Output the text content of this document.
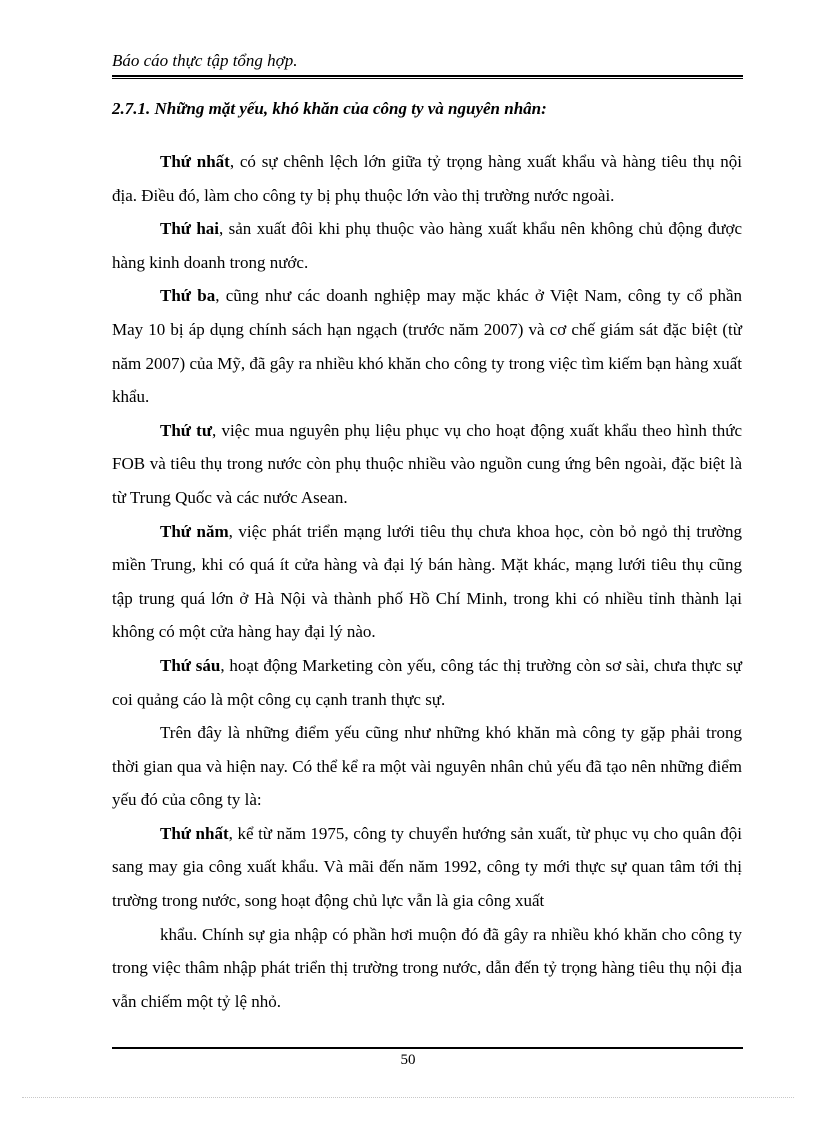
Báo cáo thực tập tổng hợp.
2.7.1. Những mặt yếu, khó khăn của công ty và nguyên nhân:

Thứ nhất, có sự chênh lệch lớn giữa tỷ trọng hàng xuất khẩu và hàng tiêu thụ nội địa. Điều đó, làm cho công ty bị phụ thuộc lớn vào thị trường nước ngoài.

Thứ hai, sản xuất đôi khi phụ thuộc vào hàng xuất khẩu nên không chủ động được hàng kinh doanh trong nước.

Thứ ba, cũng như các doanh nghiệp may mặc khác ở Việt Nam, công ty cổ phần May 10 bị áp dụng chính sách hạn ngạch (trước năm 2007) và cơ chế giám sát đặc biệt (từ năm 2007) của Mỹ, đã gây ra nhiều khó khăn cho công ty trong việc tìm kiếm bạn hàng xuất khẩu.

Thứ tư, việc mua nguyên phụ liệu phục vụ cho hoạt động xuất khẩu theo hình thức FOB và tiêu thụ trong nước còn phụ thuộc nhiều vào nguồn cung ứng bên ngoài, đặc biệt là từ Trung Quốc và các nước Asean.

Thứ năm, việc phát triển mạng lưới tiêu thụ chưa khoa học, còn bỏ ngỏ thị trường miền Trung, khi có quá ít cửa hàng và đại lý bán hàng. Mặt khác, mạng lưới tiêu thụ cũng tập trung quá lớn ở Hà Nội và thành phố Hồ Chí Minh, trong khi có nhiều tỉnh thành lại không có một cửa hàng hay đại lý nào.

Thứ sáu, hoạt động Marketing còn yếu, công tác thị trường còn sơ sài, chưa thực sự coi quảng cáo là một công cụ cạnh tranh thực sự.

Trên đây là những điểm yếu cũng như những khó khăn mà công ty gặp phải trong thời gian qua và hiện nay. Có thể kể ra một vài nguyên nhân chủ yếu đã tạo nên những điểm yếu đó của công ty là:

Thứ nhất, kể từ năm 1975, công ty chuyển hướng sản xuất, từ phục vụ cho quân đội sang may gia công xuất khẩu. Và mãi đến năm 1992, công ty mới thực sự quan tâm tới thị trường trong nước, song hoạt động chủ lực vẫn là gia công xuất

khẩu. Chính sự gia nhập có phần hơi muộn đó đã gây ra nhiều khó khăn cho công ty trong việc thâm nhập phát triển thị trường trong nước, dẫn đến tỷ trọng hàng tiêu thụ nội địa vẫn chiếm một tỷ lệ nhỏ.

50
